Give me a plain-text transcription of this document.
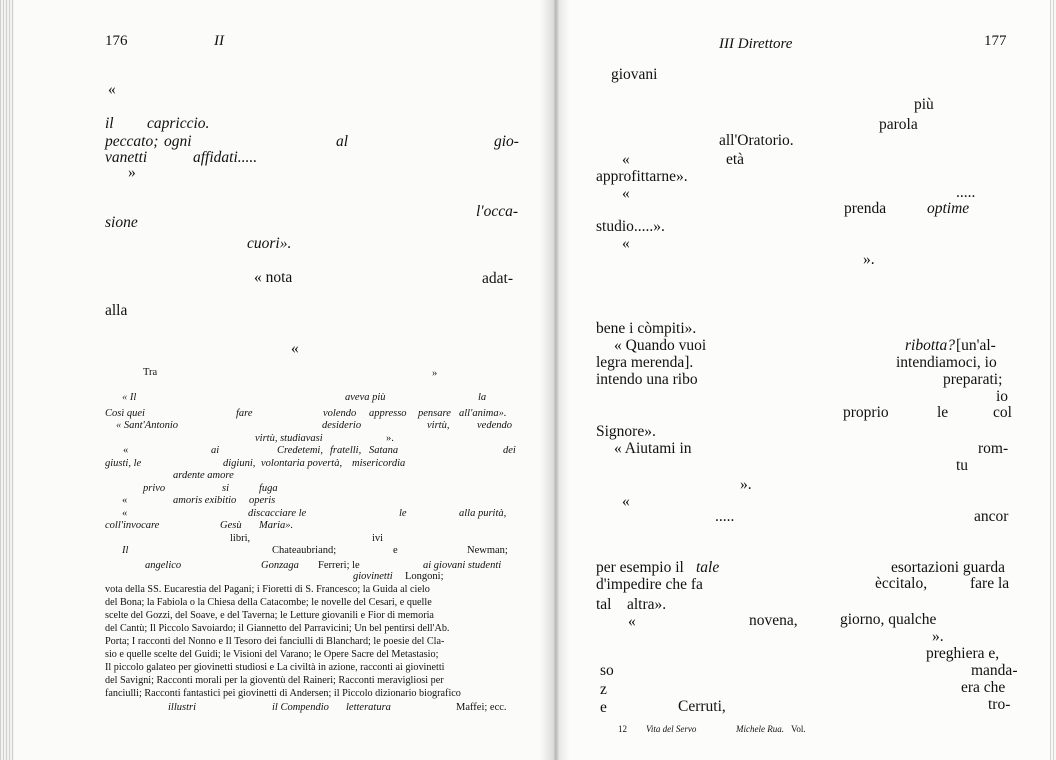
176	II
«
il capriccio.
peccato; ogni	al	gio-
vanetti	affidati.....
»
l'occa-
sione
cuori».
« nota	adat-
alla
«
Tra	»
« Il	aveva più	la
Così quei	fare	volendo appresso pensare all'anima».
« Sant'Antonio	desiderio	virtù,	vedendo
virtù, studiavasi	».
«	ai	Credetemi, fratelli, Satana	dei
giusti, le	digiuni, volontaria povertà, misericordia
ardente amore
privo	si	fuga
«	amoris exibitio operis
«	discacciare le	le	alla purità,
coll'invocare	Gesù Maria».
libri,	ivi
Il	Chateaubriand;	e	Newman;
angelico	Gonzaga Ferreri; le	ai giovani studenti
giovinetti Longoni;
vota della SS. Eucarestia del Pagani; i Fioretti di S. Francesco; la Guida al cielo
del Bona; la Fabiola o la Chiesa della Catacombe; le novelle del Cesari, e quelle
scelte del Gozzi, del Soave, e del Taverna; le Letture giovanili e Fior di memoria
del Cantù; Il Piccolo Savoiardo; il Giannetto del Parravicini; Un bel pentirsi dell'Ab.
Porta; I racconti del Nonno e Il Tesoro dei fanciulli di Blanchard; le poesie del Cla-
sio e quelle scelte del Guidi; le Visioni del Varano; le Opere Sacre del Metastasio;
Il piccolo galateo per giovinetti studiosi e La civiltà in azione, racconti ai giovinetti
del Savigni; Racconti morali per la gioventù del Raineri; Racconti meravigliosi per
fanciulli; Racconti fantastici pei giovinetti di Andersen; il Piccolo dizionario biografico
illustri	il Compendio letteratura	Maffei; ecc.
III Direttore	177
giovani
più
parola
all'Oratorio.
«	età
approfittarne».
«	.....
prenda	optime
studio.....».
«
».
bene i còmpiti».
ribotta? [un'al-
« Quando vuoi
intendiamoci, io
legra merenda].
preparati;
intendo una ribo
io
proprio	le	col
Signore».
« Aiutami in	rom-
tu
».
«
.....	ancor
per esempio il tale	esortazioni guarda
d'impedire che fa	èccitalo,	fare la
tal altra».
«	novena,	giorno, qualche
».
preghiera e,
so	manda-
z	era che
e	Cerruti,	tro-
12 Vita del Servo	Michele Rua. Vol.
